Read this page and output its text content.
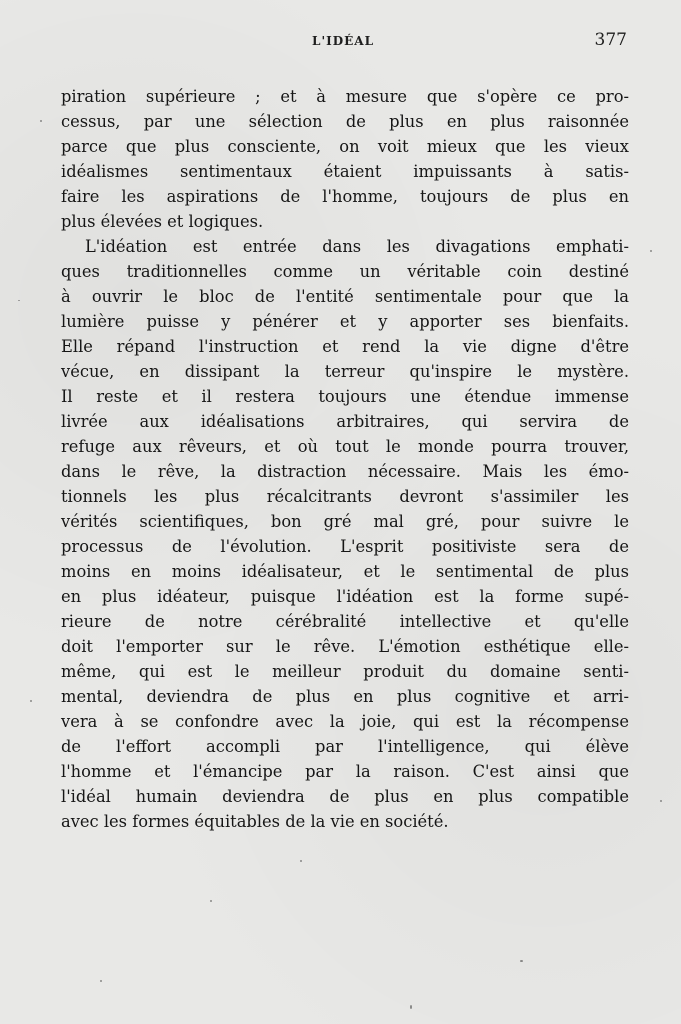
L'IDÉAL	377
piration supérieure ; et à mesure que s'opère ce pro-
cessus, par une sélection de plus en plus raisonnée
parce que plus consciente, on voit mieux que les vieux
idéalismes sentimentaux étaient impuissants à satis-
faire les aspirations de l'homme, toujours de plus en
plus élevées et logiques.
L'idéation est entrée dans les divagations emphati-
ques traditionnelles comme un véritable coin destiné
à ouvrir le bloc de l'entité sentimentale pour que la
lumière puisse y pénérer et y apporter ses bienfaits.
Elle répand l'instruction et rend la vie digne d'être
vécue, en dissipant la terreur qu'inspire le mystère.
Il reste et il restera toujours une étendue immense
livrée aux idéalisations arbitraires, qui servira de
refuge aux rêveurs, et où tout le monde pourra trouver,
dans le rêve, la distraction nécessaire. Mais les émo-
tionnels les plus récalcitrants devront s'assimiler les
vérités scientifiques, bon gré mal gré, pour suivre le
processus de l'évolution. L'esprit positiviste sera de
moins en moins idéalisateur, et le sentimental de plus
en plus idéateur, puisque l'idéation est la forme supé-
rieure de notre cérébralité intellective et qu'elle
doit l'emporter sur le rêve. L'émotion esthétique elle-
même, qui est le meilleur produit du domaine senti-
mental, deviendra de plus en plus cognitive et arri-
vera à se confondre avec la joie, qui est la récompense
de l'effort accompli par l'intelligence, qui élève
l'homme et l'émancipe par la raison. C'est ainsi que
l'idéal humain deviendra de plus en plus compatible
avec les formes équitables de la vie en société.
